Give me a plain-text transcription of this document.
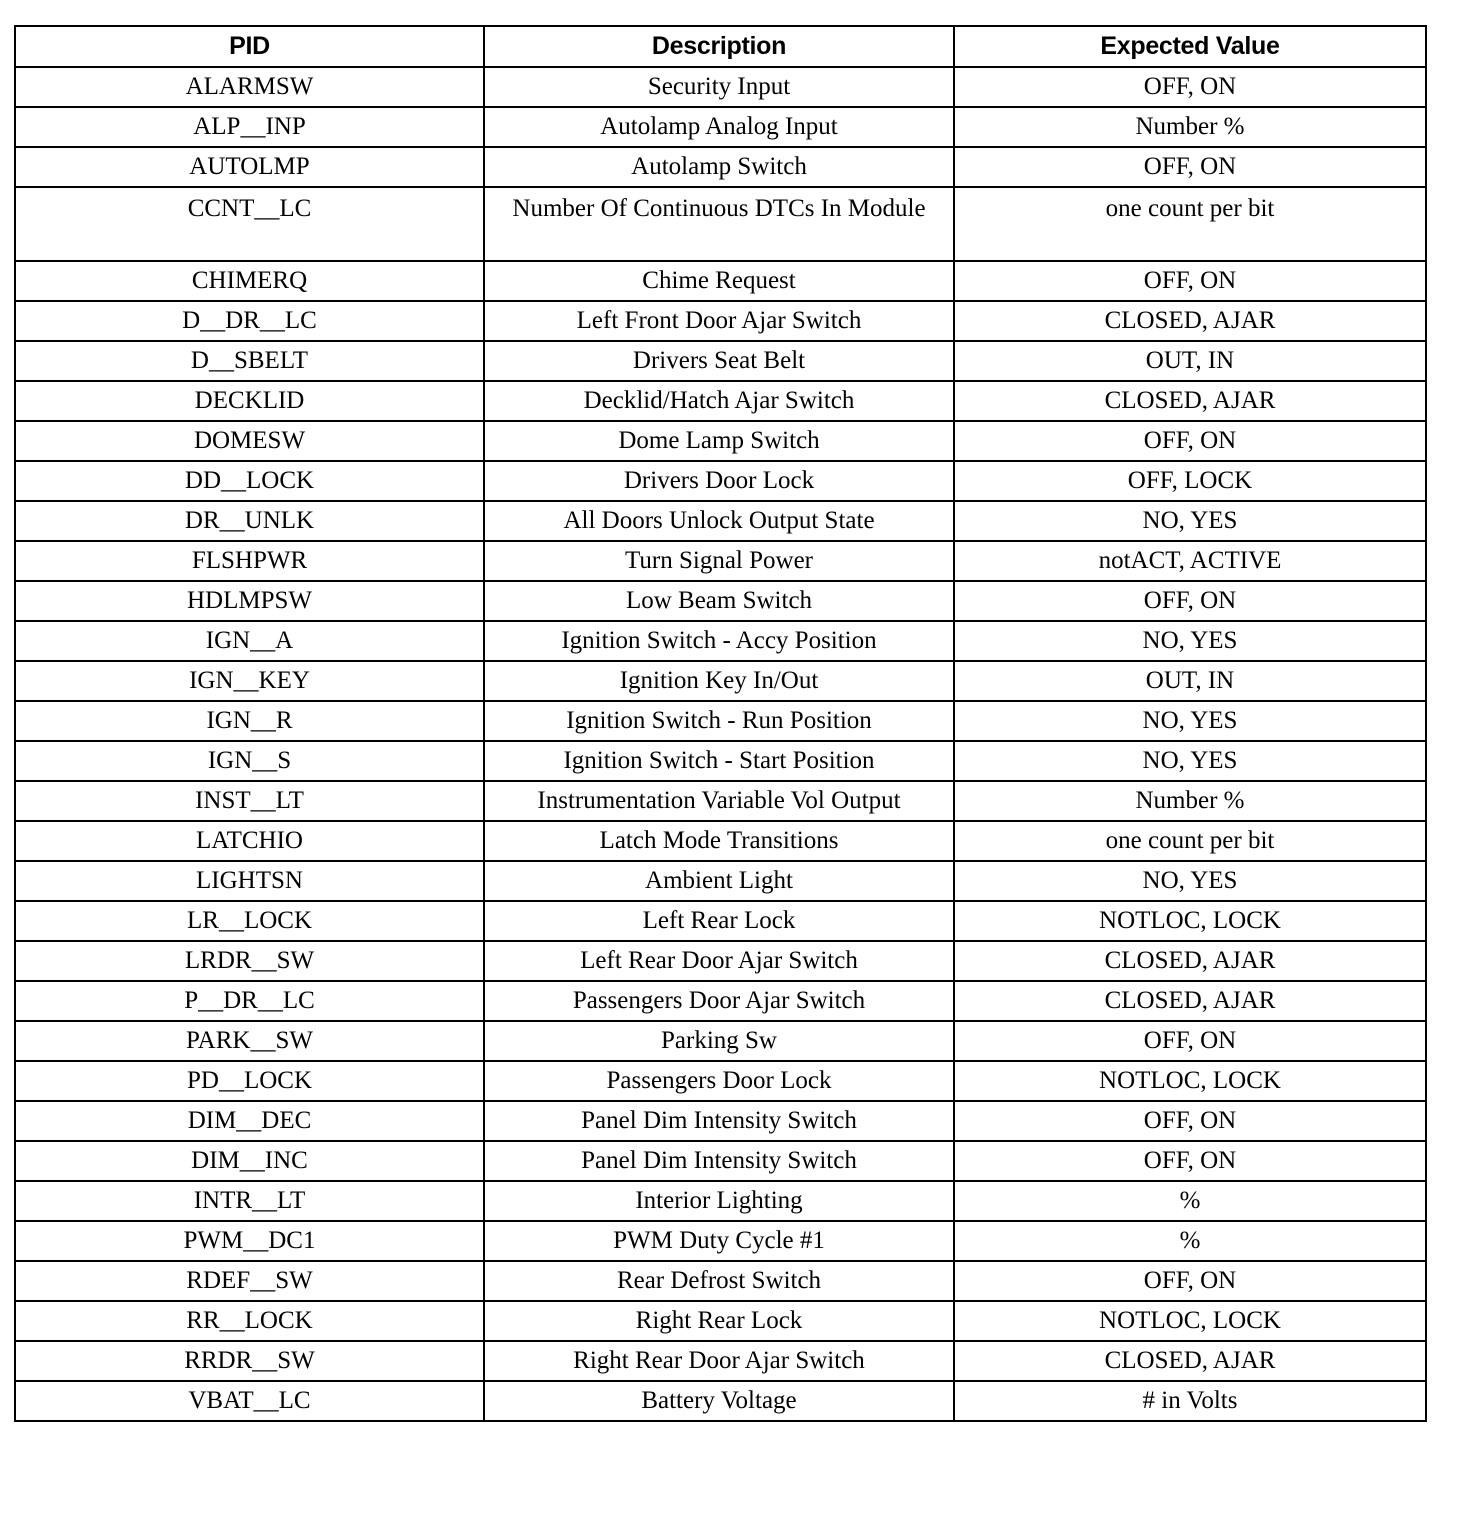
PID	Description	Expected Value
ALARMSW	Security Input	OFF, ON
ALP__INP	Autolamp Analog Input	Number %
AUTOLMP	Autolamp Switch	OFF, ON
CCNT__LC	Number Of Continuous DTCs In Module	one count per bit
CHIMERQ	Chime Request	OFF, ON
D__DR__LC	Left Front Door Ajar Switch	CLOSED, AJAR
D__SBELT	Drivers Seat Belt	OUT, IN
DECKLID	Decklid/Hatch Ajar Switch	CLOSED, AJAR
DOMESW	Dome Lamp Switch	OFF, ON
DD__LOCK	Drivers Door Lock	OFF, LOCK
DR__UNLK	All Doors Unlock Output State	NO, YES
FLSHPWR	Turn Signal Power	notACT, ACTIVE
HDLMPSW	Low Beam Switch	OFF, ON
IGN__A	Ignition Switch - Accy Position	NO, YES
IGN__KEY	Ignition Key In/Out	OUT, IN
IGN__R	Ignition Switch - Run Position	NO, YES
IGN__S	Ignition Switch - Start Position	NO, YES
INST__LT	Instrumentation Variable Vol Output	Number %
LATCHIO	Latch Mode Transitions	one count per bit
LIGHTSN	Ambient Light	NO, YES
LR__LOCK	Left Rear Lock	NOTLOC, LOCK
LRDR__SW	Left Rear Door Ajar Switch	CLOSED, AJAR
P__DR__LC	Passengers Door Ajar Switch	CLOSED, AJAR
PARK__SW	Parking Sw	OFF, ON
PD__LOCK	Passengers Door Lock	NOTLOC, LOCK
DIM__DEC	Panel Dim Intensity Switch	OFF, ON
DIM__INC	Panel Dim Intensity Switch	OFF, ON
INTR__LT	Interior Lighting	%
PWM__DC1	PWM Duty Cycle #1	%
RDEF__SW	Rear Defrost Switch	OFF, ON
RR__LOCK	Right Rear Lock	NOTLOC, LOCK
RRDR__SW	Right Rear Door Ajar Switch	CLOSED, AJAR
VBAT__LC	Battery Voltage	# in Volts
